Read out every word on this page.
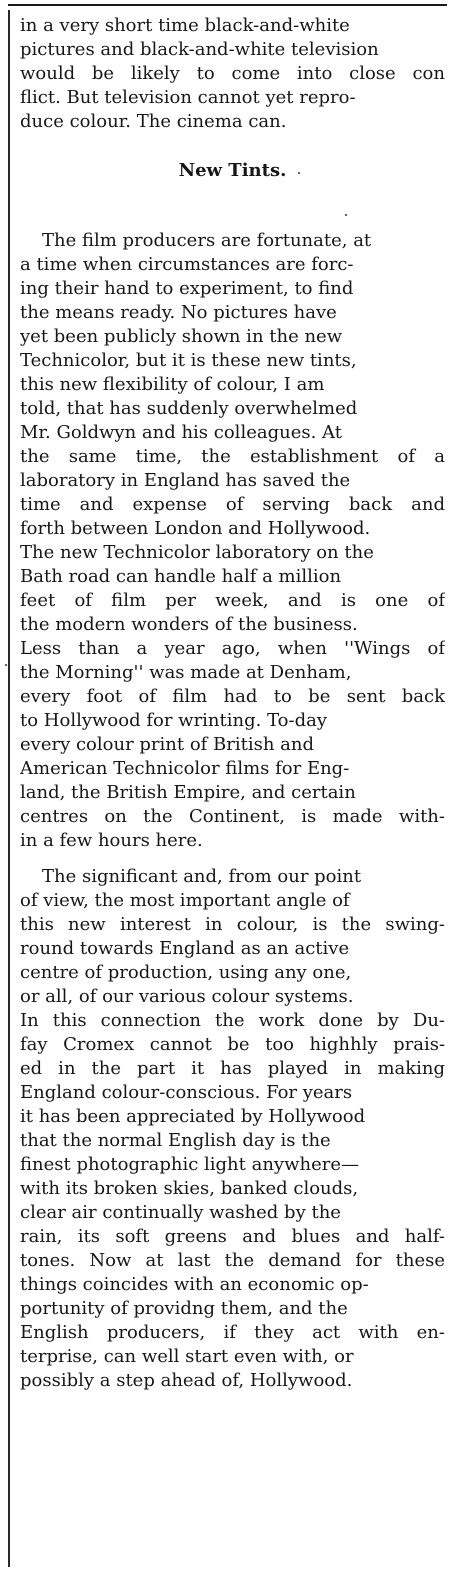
in a very short time black-and-white
pictures and black-and-white television
would be likely to come into close con
flict. But television cannot yet repro-
duce colour. The cinema can.

New Tints.

The film producers are fortunate, at
a time when circumstances are forc-
ing their hand to experiment, to find
the means ready. No pictures have
yet been publicly shown in the new
Technicolor, but it is these new tints,
this new flexibility of colour, I am
told, that has suddenly overwhelmed
Mr. Goldwyn and his colleagues. At
the same time, the establishment of a
laboratory in England has saved the
time and expense of serving back and
forth between London and Hollywood.
The new Technicolor laboratory on the
Bath road can handle half a million
feet of film per week, and is one of
the modern wonders of the business.
Less than a year ago, when ''Wings of
the Morning'' was made at Denham,
every foot of film had to be sent back
to Hollywood for wrinting. To-day
every colour print of British and
American Technicolor films for Eng-
land, the British Empire, and certain
centres on the Continent, is made with-
in a few hours here.

The significant and, from our point
of view, the most important angle of
this new interest in colour, is the swing-
round towards England as an active
centre of production, using any one,
or all, of our various colour systems.
In this connection the work done by Du-
fay Cromex cannot be too highhly prais-
ed in the part it has played in making
England colour-conscious. For years
it has been appreciated by Hollywood
that the normal English day is the
finest photographic light anywhere—
with its broken skies, banked clouds,
clear air continually washed by the
rain, its soft greens and blues and half-
tones. Now at last the demand for these
things coincides with an economic op-
portunity of providng them, and the
English producers, if they act with en-
terprise, can well start even with, or
possibly a step ahead of, Hollywood.
